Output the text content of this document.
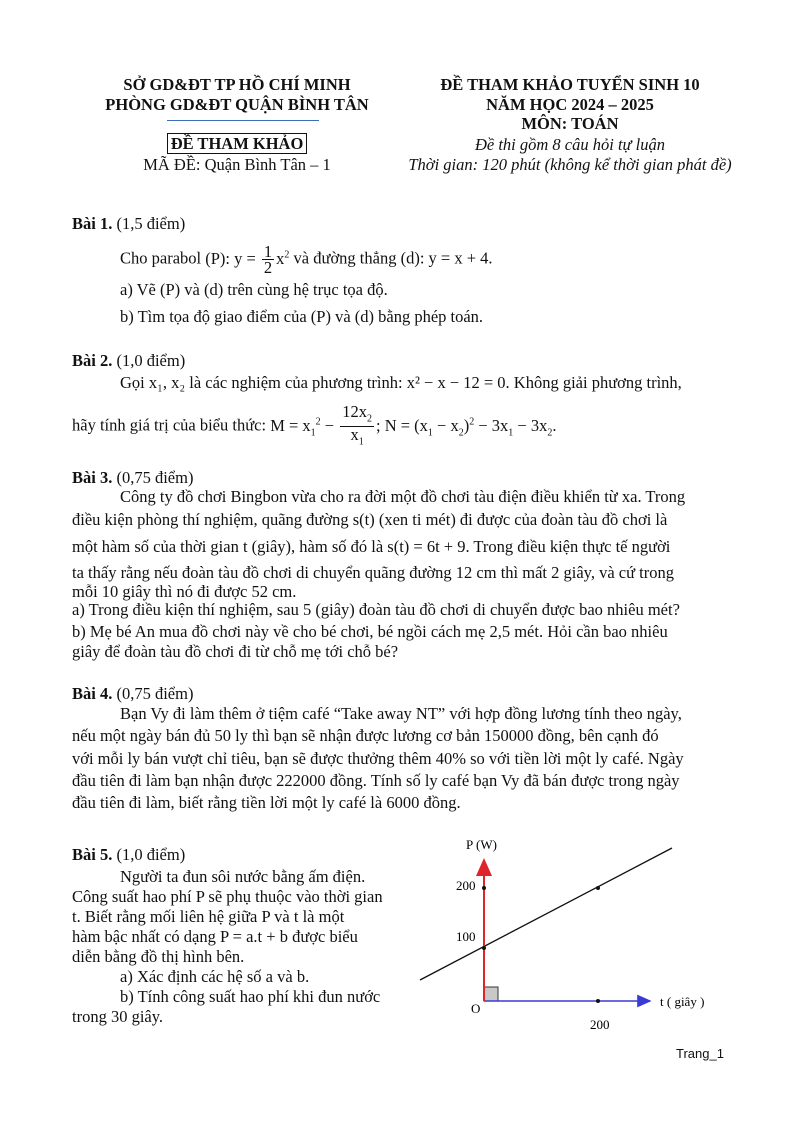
SỞ GD&ĐT TP HỒ CHÍ MINH
PHÒNG GD&ĐT QUẬN BÌNH TÂN
ĐỀ THAM KHẢO
MÃ ĐỀ: Quận Bình Tân – 1
ĐỀ THAM KHẢO TUYỂN SINH 10
NĂM HỌC 2024 – 2025
MÔN: TOÁN
Đề thi gồm 8 câu hỏi tự luận
Thời gian: 120 phút (không kể thời gian phát đề)
Bài 1. (1,5 điểm)
Cho parabol (P): $y = \frac{1}{2} x^2$ và đường thẳng (d): y = x + 4.
a) Vẽ (P) và (d) trên cùng hệ trục tọa độ.
b) Tìm tọa độ giao điểm của (P) và (d) bằng phép toán.
Bài 2. (1,0 điểm)
Gọi x₁, x₂ là các nghiệm của phương trình: x² − x − 12 = 0. Không giải phương trình,
hãy tính giá trị của biểu thức: $M = x_1^2 - \frac{12x_2}{x_1}$ ; $N = (x_1 - x_2)^2 - 3x_1 - 3x_2$.
Bài 3. (0,75 điểm)
Công ty đồ chơi Bingbon vừa cho ra đời một đồ chơi tàu điện điều khiển từ xa. Trong
điều kiện phòng thí nghiệm, quãng đường s(t) (xen ti mét) đi được của đoàn tàu đồ chơi là
một hàm số của thời gian t (giây), hàm số đó là s(t) = 6t + 9. Trong điều kiện thực tế người
ta thấy rằng nếu đoàn tàu đồ chơi di chuyển quãng đường 12 cm thì mất 2 giây, và cứ trong
mỗi 10 giây thì nó đi được 52 cm.
a) Trong điều kiện thí nghiệm, sau 5 (giây) đoàn tàu đồ chơi di chuyển được bao nhiêu mét?
b) Mẹ bé An mua đồ chơi này về cho bé chơi, bé ngồi cách mẹ 2,5 mét. Hỏi cần bao nhiêu
giây để đoàn tàu đồ chơi đi từ chỗ mẹ tới chỗ bé?
Bài 4. (0,75 điểm)
Bạn Vy đi làm thêm ở tiệm café “Take away NT” với hợp đồng lương tính theo ngày,
nếu một ngày bán đủ 50 ly thì bạn sẽ nhận được lương cơ bản 150000 đồng, bên cạnh đó
với mỗi ly bán vượt chỉ tiêu, bạn sẽ được thưởng thêm 40% so với tiền lời một ly café. Ngày
đầu tiên đi làm bạn nhận được 222000 đồng. Tính số ly café bạn Vy đã bán được trong ngày
đầu tiên đi làm, biết rằng tiền lời một ly café là 6000 đồng.
Bài 5. (1,0 điểm)
Người ta đun sôi nước bằng ấm điện.
Công suất hao phí P sẽ phụ thuộc vào thời gian
t. Biết rằng mối liên hệ giữa P và t là một
hàm bậc nhất có dạng P = a.t + b được biểu
diễn bằng đồ thị hình bên.
a) Xác định các hệ số a và b.
b) Tính công suất hao phí khi đun nước
trong 30 giây.
P (W)
200
100
O
200
t ( giây )
Trang_1
